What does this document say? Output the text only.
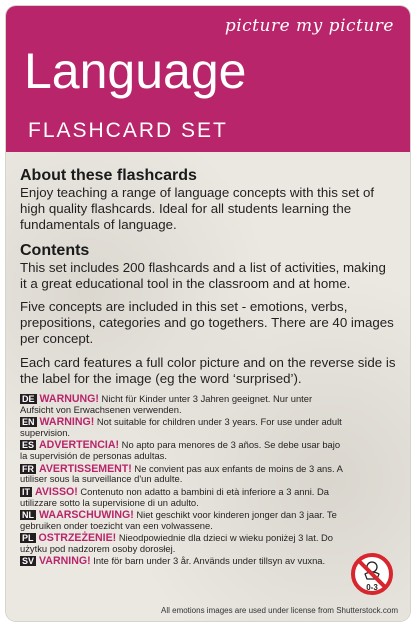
picture my picture
Language
FLASHCARD SET
About these flashcards

Enjoy teaching a range of language concepts with this set of high quality flashcards. Ideal for all students learning the fundamentals of language.

Contents

This set includes 200 flashcards and a list of activities, making it a great educational tool in the classroom and at home.

Five concepts are included in this set - emotions, verbs, prepositions, categories and go togethers. There are 40 images per concept.

Each card features a full color picture and on the reverse side is the label for the image (eg the word ‘surprised’).

DE WARNUNG! Nicht für Kinder unter 3 Jahren geeignet. Nur unter Aufsicht von Erwachsenen verwenden.
EN WARNING! Not suitable for children under 3 years. For use under adult supervision.
ES ADVERTENCIA! No apto para menores de 3 años. Se debe usar bajo la supervisión de personas adultas.
FR AVERTISSEMENT! Ne convient pas aux enfants de moins de 3 ans. A utiliser sous la surveillance d'un adulte.
IT AVISSO! Contenuto non adatto a bambini di età inferiore a 3 anni. Da utilizzare sotto la supervisione di un adulto.
NL WAARSCHUWING! Niet geschikt voor kinderen jonger dan 3 jaar. Te gebruiken onder toezicht van een volwassene.
PL OSTRZEŻENIE! Nieodpowiednie dla dzieci w wieku poniżej 3 lat. Do użytku pod nadzorem osoby dorosłej.
SV VARNING! Inte för barn under 3 år. Används under tillsyn av vuxna.
0-3
All emotions images are used under license from Shutterstock.com
